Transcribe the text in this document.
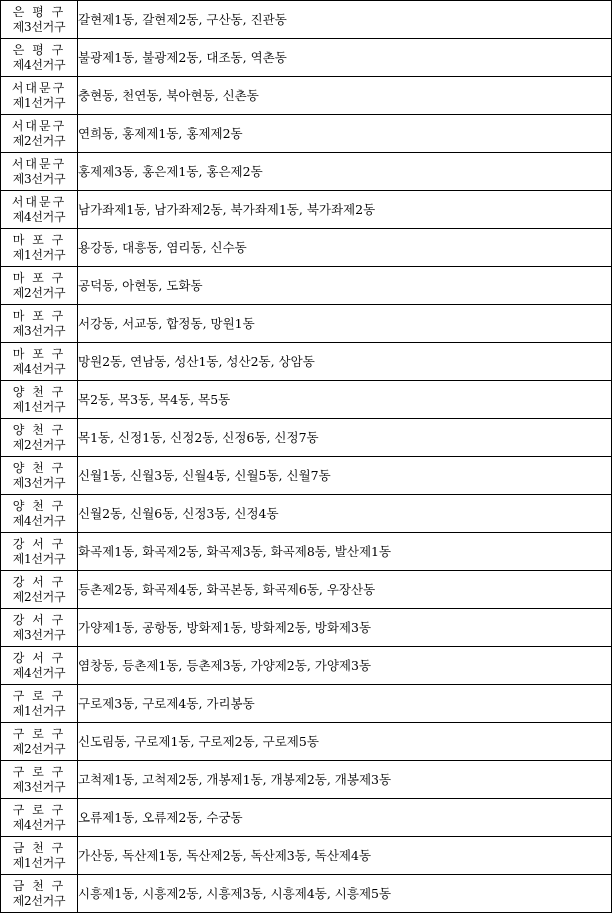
은 평 구
제3선거구	갈현제1동, 갈현제2동, 구산동, 진관동

은 평 구
제4선거구	불광제1동, 불광제2동, 대조동, 역촌동

서대문구
제1선거구	충현동, 천연동, 북아현동, 신촌동

서대문구
제2선거구	연희동, 홍제제1동, 홍제제2동

서대문구
제3선거구	홍제제3동, 홍은제1동, 홍은제2동

서대문구
제4선거구	남가좌제1동, 남가좌제2동, 북가좌제1동, 북가좌제2동

마 포 구
제1선거구	용강동, 대흥동, 염리동, 신수동

마 포 구
제2선거구	공덕동, 아현동, 도화동

마 포 구
제3선거구	서강동, 서교동, 합정동, 망원1동

마 포 구
제4선거구	망원2동, 연남동, 성산1동, 성산2동, 상암동

양 천 구
제1선거구	목2동, 목3동, 목4동, 목5동

양 천 구
제2선거구	목1동, 신정1동, 신정2동, 신정6동, 신정7동

양 천 구
제3선거구	신월1동, 신월3동, 신월4동, 신월5동, 신월7동

양 천 구
제4선거구	신월2동, 신월6동, 신정3동, 신정4동

강 서 구
제1선거구	화곡제1동, 화곡제2동, 화곡제3동, 화곡제8동, 발산제1동

강 서 구
제2선거구	등촌제2동, 화곡제4동, 화곡본동, 화곡제6동, 우장산동

강 서 구
제3선거구	가양제1동, 공항동, 방화제1동, 방화제2동, 방화제3동

강 서 구
제4선거구	염창동, 등촌제1동, 등촌제3동, 가양제2동, 가양제3동

구 로 구
제1선거구	구로제3동, 구로제4동, 가리봉동

구 로 구
제2선거구	신도림동, 구로제1동, 구로제2동, 구로제5동

구 로 구
제3선거구	고척제1동, 고척제2동, 개봉제1동, 개봉제2동, 개봉제3동

구 로 구
제4선거구	오류제1동, 오류제2동, 수궁동

금 천 구
제1선거구	가산동, 독산제1동, 독산제2동, 독산제3동, 독산제4동

금 천 구
제2선거구	시흥제1동, 시흥제2동, 시흥제3동, 시흥제4동, 시흥제5동
